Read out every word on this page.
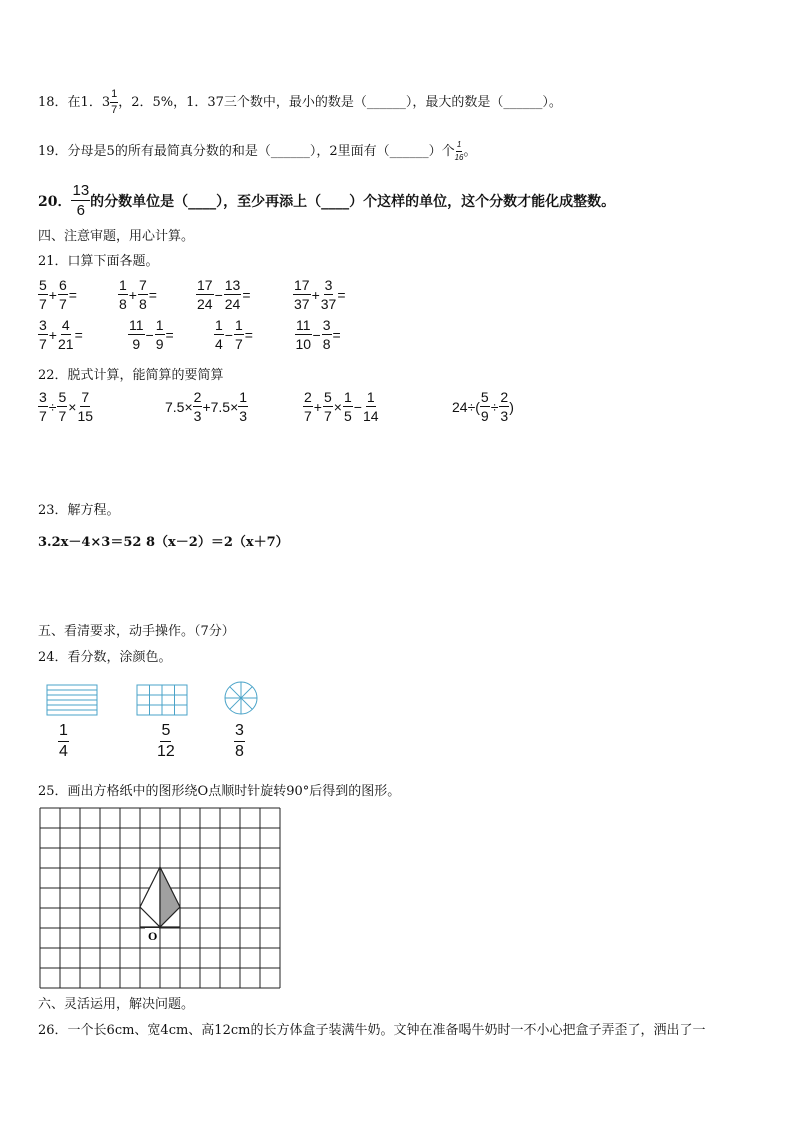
18．在1．$3 \frac{1}{7}$ ，2．5%，1．37三个数中，最小的数是（______），最大的数是（______）。
19．分母是5的所有最简真分数的和是（______），2里面有（______）个 $\frac{1}{16}$ 。
20． $\frac{13}{6}$ 的分数单位是（____），至少再添上（____）个这样的单位，这个分数才能化成整数。
四、注意审题，用心计算。
21．口算下面各题。
$\frac{5}{7} + \frac{6}{7}$ =	$\frac{1}{8} + \frac{7}{8}$ =	$\frac{17}{24} - \frac{13}{24}$ =	$\frac{17}{37} + \frac{3}{37}$ =
$\frac{3}{7} + \frac{4}{21}$ =	$\frac{11}{9} - \frac{1}{9}$ =	$\frac{1}{4} - \frac{1}{7}$ =	$\frac{11}{10} - \frac{3}{8}$ =
22．脱式计算，能简算的要简算
$\frac{3}{7} \div \frac{5}{7} \times \frac{7}{15}$	$7.5\times \frac{2}{3} +7.5\times \frac{1}{3}$	$\frac{2}{7} + \frac{5}{7} \times \frac{1}{5} - \frac{1}{14}$	$24\div( \frac{5}{9} \div \frac{2}{3}$ )
23．解方程。
3.2x－4×3＝52 8（x－2）＝2（x＋7）
五、看清要求，动手操作。（7分）
24．看分数，涂颜色。
$\frac{1}{4}$	$\frac{5}{12}$	$\frac{3}{8}$
25．画出方格纸中的图形绕O点顺时针旋转90°后得到的图形。
O
六、灵活运用，解决问题。
26．一个长6cm、宽4cm、高12cm的长方体盒子装满牛奶。文钟在准备喝牛奶时一不小心把盒子弄歪了，洒出了一
